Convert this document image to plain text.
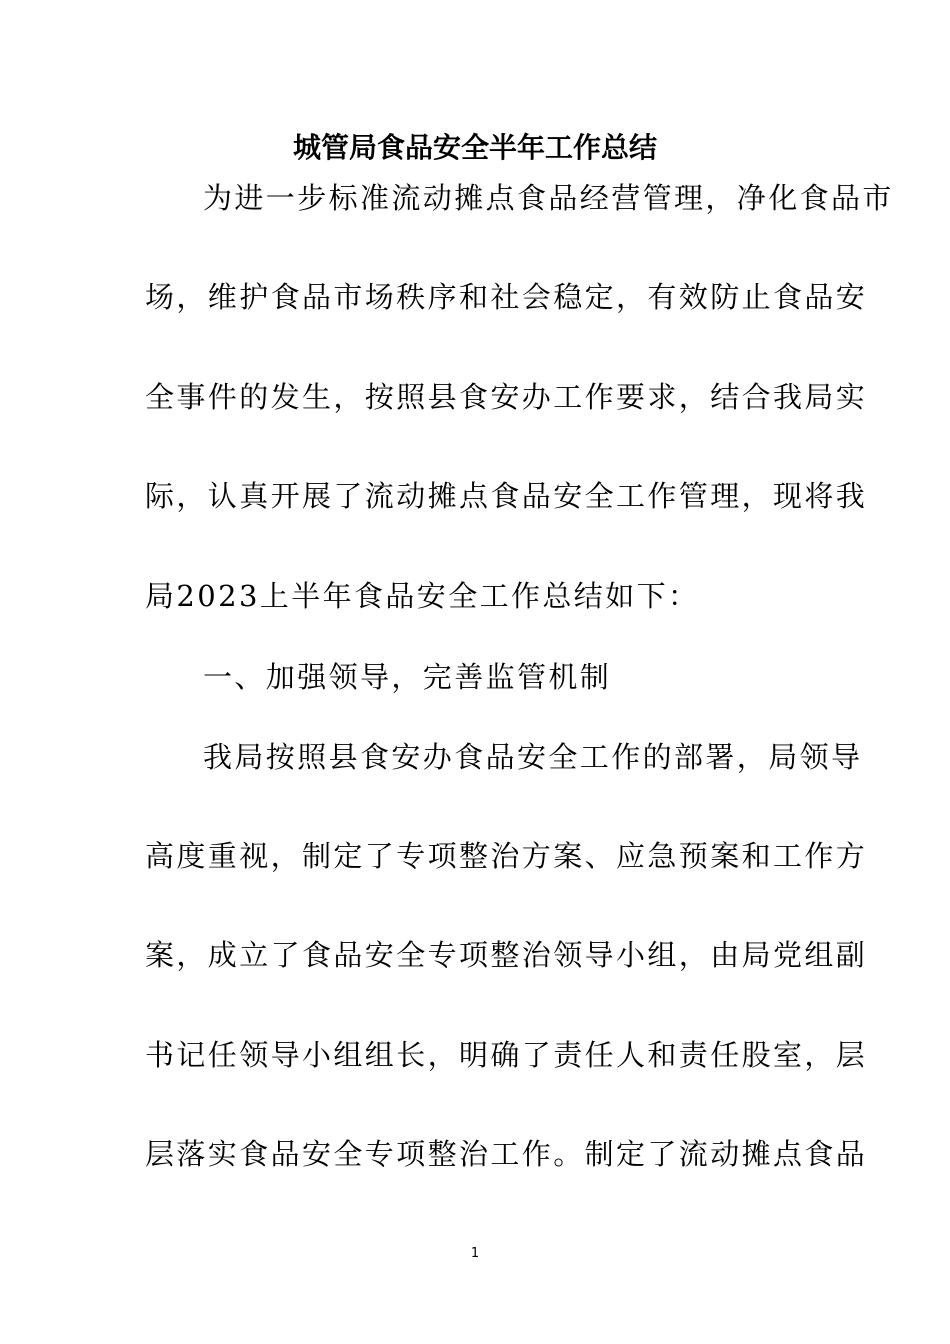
城管局食品安全半年工作总结
为进一步标准流动摊点食品经营管理，净化食品市
场，维护食品市场秩序和社会稳定，有效防止食品安
全事件的发生，按照县食安办工作要求，结合我局实
际，认真开展了流动摊点食品安全工作管理，现将我
局2023上半年食品安全工作总结如下：
一、加强领导，完善监管机制
我局按照县食安办食品安全工作的部署，局领导
高度重视，制定了专项整治方案、应急预案和工作方
案，成立了食品安全专项整治领导小组，由局党组副
书记任领导小组组长，明确了责任人和责任股室，层
层落实食品安全专项整治工作。制定了流动摊点食品
1
